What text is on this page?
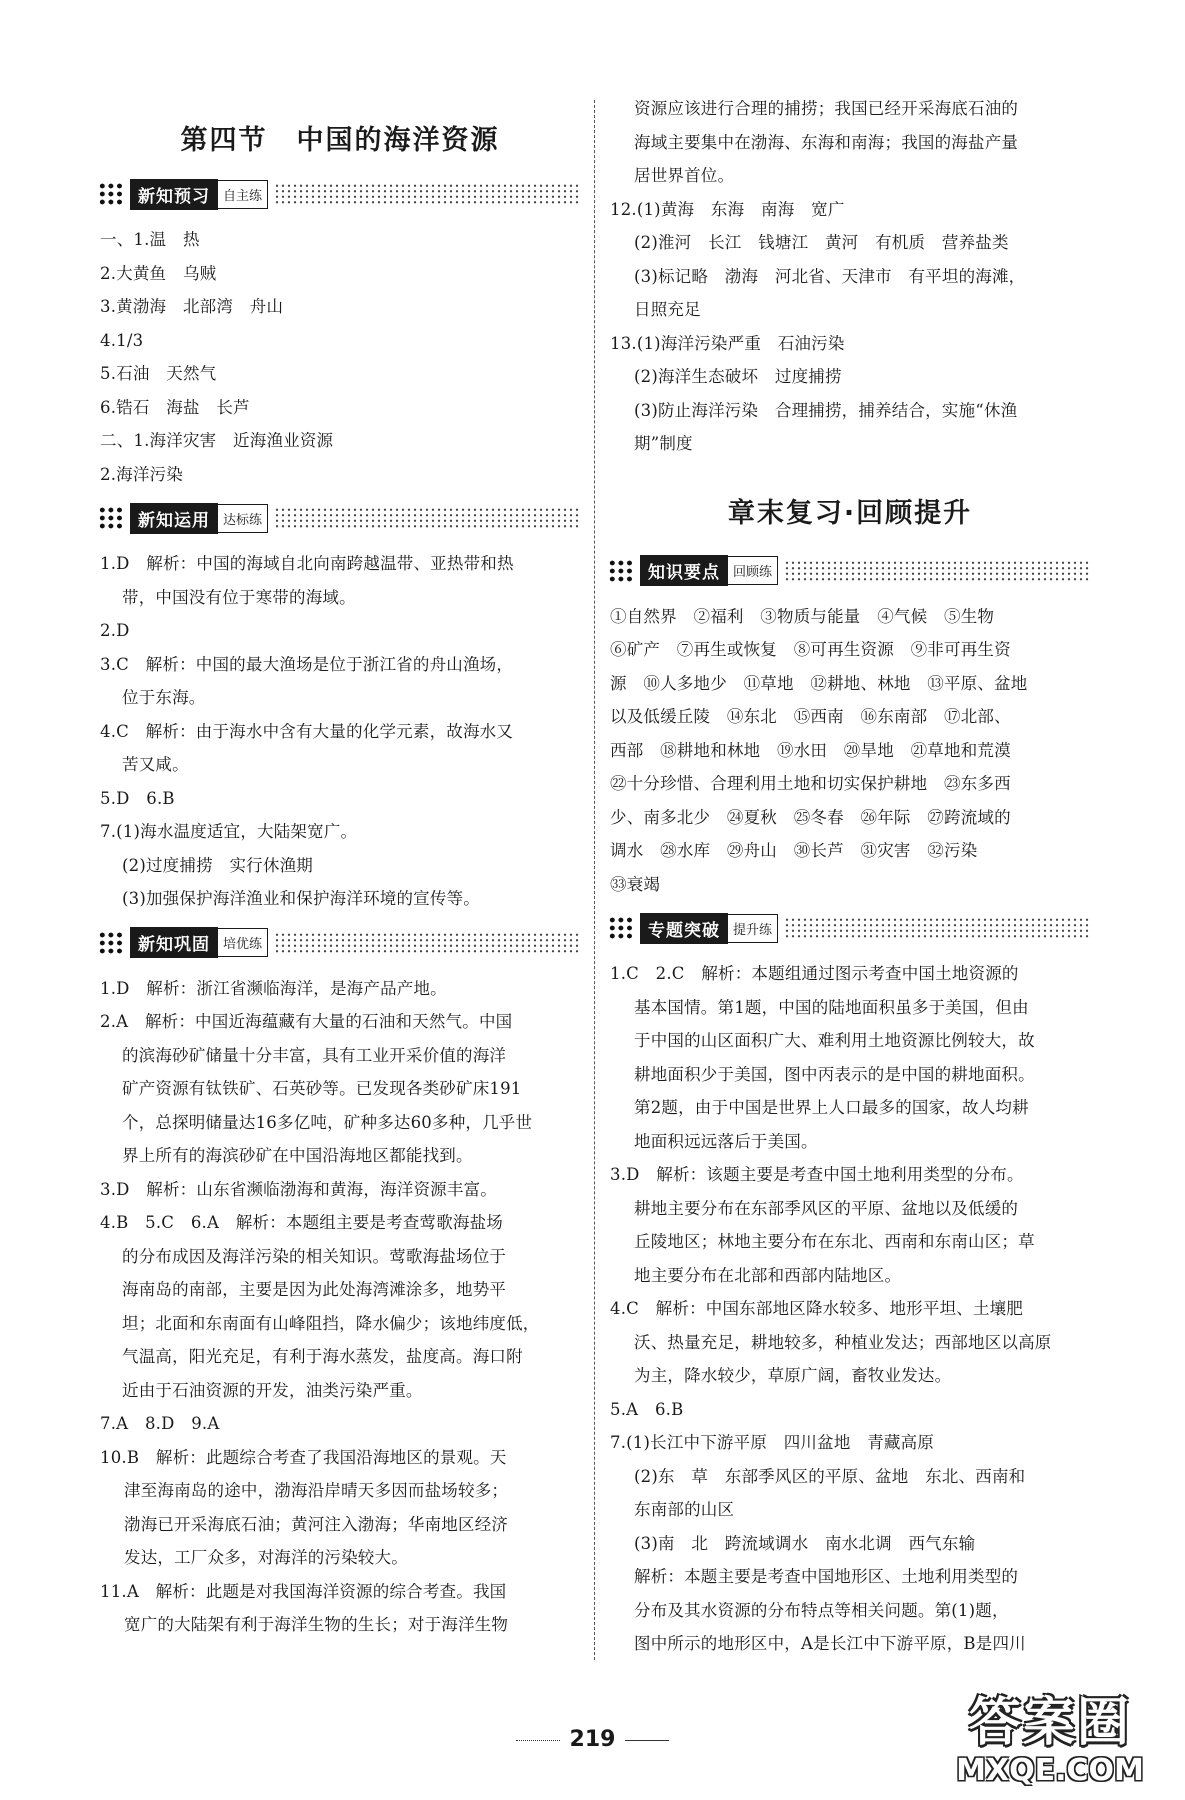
第四节　中国的海洋资源
新知预习	自主练
一、1.温　热
2.大黄鱼　乌贼
3.黄渤海　北部湾　舟山
4.1/3
5.石油　天然气
6.锆石　海盐　长芦
二、1.海洋灾害　近海渔业资源
2.海洋污染
新知运用	达标练
1.D　解析：中国的海域自北向南跨越温带、亚热带和热
带，中国没有位于寒带的海域。
2.D
3.C　解析：中国的最大渔场是位于浙江省的舟山渔场，
位于东海。
4.C　解析：由于海水中含有大量的化学元素，故海水又
苦又咸。
5.D　6.B
7.(1)海水温度适宜，大陆架宽广。
(2)过度捕捞　实行休渔期
(3)加强保护海洋渔业和保护海洋环境的宣传等。
新知巩固	培优练
1.D　解析：浙江省濒临海洋，是海产品产地。
2.A　解析：中国近海蕴藏有大量的石油和天然气。中国
的滨海砂矿储量十分丰富，具有工业开采价值的海洋
矿产资源有钛铁矿、石英砂等。已发现各类砂矿床191
个，总探明储量达16多亿吨，矿种多达60多种，几乎世
界上所有的海滨砂矿在中国沿海地区都能找到。
3.D　解析：山东省濒临渤海和黄海，海洋资源丰富。
4.B　5.C　6.A　解析：本题组主要是考查莺歌海盐场
的分布成因及海洋污染的相关知识。莺歌海盐场位于
海南岛的南部，主要是因为此处海湾滩涂多，地势平
坦；北面和东南面有山峰阻挡，降水偏少；该地纬度低，
气温高，阳光充足，有利于海水蒸发，盐度高。海口附
近由于石油资源的开发，油类污染严重。
7.A　8.D　9.A
10.B　解析：此题综合考查了我国沿海地区的景观。天
津至海南岛的途中，渤海沿岸晴天多因而盐场较多；
渤海已开采海底石油；黄河注入渤海；华南地区经济
发达，工厂众多，对海洋的污染较大。
11.A　解析：此题是对我国海洋资源的综合考查。我国
宽广的大陆架有利于海洋生物的生长；对于海洋生物
资源应该进行合理的捕捞；我国已经开采海底石油的
海域主要集中在渤海、东海和南海；我国的海盐产量
居世界首位。
12.(1)黄海　东海　南海　宽广
(2)淮河　长江　钱塘江　黄河　有机质　营养盐类
(3)标记略　渤海　河北省、天津市　有平坦的海滩，
日照充足
13.(1)海洋污染严重　石油污染
(2)海洋生态破坏　过度捕捞
(3)防止海洋污染　合理捕捞，捕养结合，实施“休渔
期”制度
章末复习·回顾提升
知识要点	回顾练
①自然界　②福利　③物质与能量　④气候　⑤生物
⑥矿产　⑦再生或恢复　⑧可再生资源　⑨非可再生资
源　⑩人多地少　⑪草地　⑫耕地、林地　⑬平原、盆地
以及低缓丘陵　⑭东北　⑮西南　⑯东南部　⑰北部、
西部　⑱耕地和林地　⑲水田　⑳旱地　㉑草地和荒漠
㉒十分珍惜、合理利用土地和切实保护耕地　㉓东多西
少、南多北少　㉔夏秋　㉕冬春　㉖年际　㉗跨流域的
调水　㉘水库　㉙舟山　㉚长芦　㉛灾害　㉜污染
㉝衰竭
专题突破	提升练
1.C　2.C　解析：本题组通过图示考查中国土地资源的
基本国情。第1题，中国的陆地面积虽多于美国，但由
于中国的山区面积广大、难利用土地资源比例较大，故
耕地面积少于美国，图中丙表示的是中国的耕地面积。
第2题，由于中国是世界上人口最多的国家，故人均耕
地面积远远落后于美国。
3.D　解析：该题主要是考查中国土地利用类型的分布。
耕地主要分布在东部季风区的平原、盆地以及低缓的
丘陵地区；林地主要分布在东北、西南和东南山区；草
地主要分布在北部和西部内陆地区。
4.C　解析：中国东部地区降水较多、地形平坦、土壤肥
沃、热量充足，耕地较多，种植业发达；西部地区以高原
为主，降水较少，草原广阔，畜牧业发达。
5.A　6.B
7.(1)长江中下游平原　四川盆地　青藏高原
(2)东　草　东部季风区的平原、盆地　东北、西南和
东南部的山区
(3)南　北　跨流域调水　南水北调　西气东输
解析：本题主要是考查中国地形区、土地利用类型的
分布及其水资源的分布特点等相关问题。第(1)题，
图中所示的地形区中，A是长江中下游平原，B是四川
219	答案圈
MXQE.COM
